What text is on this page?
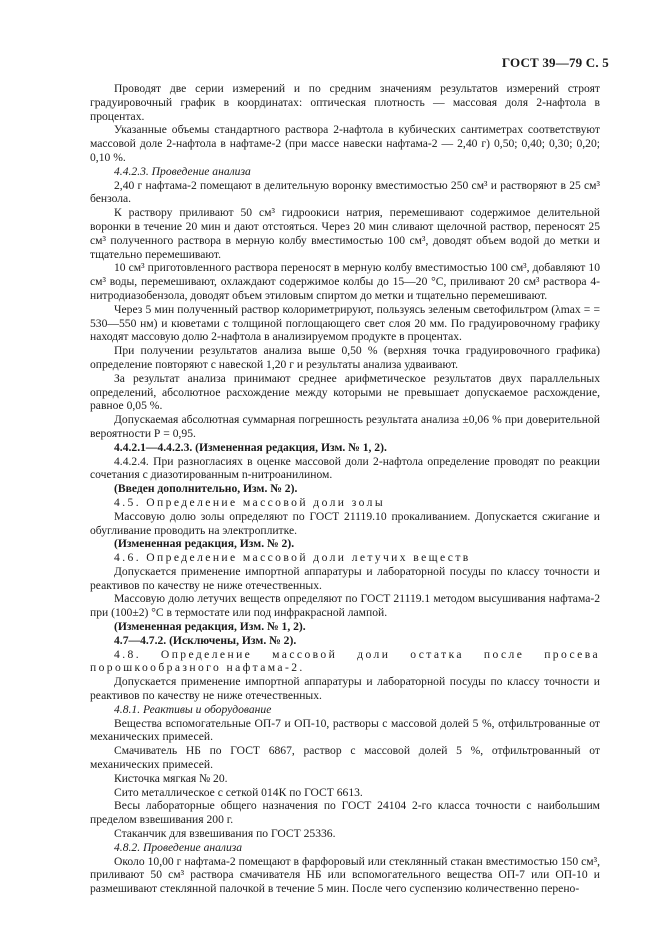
ГОСТ 39—79 С. 5

Проводят две серии измерений и по средним значениям результатов измерений строят градуировочный график в координатах: оптическая плотность — массовая доля 2-нафтола в процентах.

Указанные объемы стандартного раствора 2-нафтола в кубических сантиметрах соответствуют массовой доле 2-нафтола в нафтаме-2 (при массе навески нафтама-2 — 2,40 г) 0,50; 0,40; 0,30; 0,20; 0,10 %.

4.4.2.3. Проведение анализа

2,40 г нафтама-2 помещают в делительную воронку вместимостью 250 см³ и растворяют в 25 см³ бензола.

К раствору приливают 50 см³ гидроокиси натрия, перемешивают содержимое делительной воронки в течение 20 мин и дают отстояться. Через 20 мин сливают щелочной раствор, переносят 25 см³ полученного раствора в мерную колбу вместимостью 100 см³, доводят объем водой до метки и тщательно перемешивают.

10 см³ приготовленного раствора переносят в мерную колбу вместимостью 100 см³, добавляют 10 см³ воды, перемешивают, охлаждают содержимое колбы до 15—20 °С, приливают 20 см³ раствора 4-нитродиазобензола, доводят объем этиловым спиртом до метки и тщательно перемешивают.

Через 5 мин полученный раствор колориметрируют, пользуясь зеленым светофильтром (λmax = = 530—550 нм) и кюветами с толщиной поглощающего свет слоя 20 мм. По градуировочному графику находят массовую долю 2-нафтола в анализируемом продукте в процентах.

При получении результатов анализа выше 0,50 % (верхняя точка градуировочного графика) определение повторяют с навеской 1,20 г и результаты анализа удваивают.

За результат анализа принимают среднее арифметическое результатов двух параллельных определений, абсолютное расхождение между которыми не превышает допускаемое расхождение, равное 0,05 %.

Допускаемая абсолютная суммарная погрешность результата анализа ±0,06 % при доверительной вероятности Р = 0,95.

4.4.2.1—4.4.2.3. (Измененная редакция, Изм. № 1, 2).

4.4.2.4. При разногласиях в оценке массовой доли 2-нафтола определение проводят по реакции сочетания с диазотированным n-нитроанилином.

(Введен дополнительно, Изм. № 2).

4.5. Определение массовой доли золы

Массовую долю золы определяют по ГОСТ 21119.10 прокаливанием. Допускается сжигание и обугливание проводить на электроплитке.

(Измененная редакция, Изм. № 2).

4.6. Определение массовой доли летучих веществ

Допускается применение импортной аппаратуры и лабораторной посуды по классу точности и реактивов по качеству не ниже отечественных.

Массовую долю летучих веществ определяют по ГОСТ 21119.1 методом высушивания нафтама-2 при (100±2) °С в термостате или под инфракрасной лампой.

(Измененная редакция, Изм. № 1, 2).

4.7—4.7.2. (Исключены, Изм. № 2).

4.8. Определение массовой доли остатка после просева порошкообразного нафтама-2.

Допускается применение импортной аппаратуры и лабораторной посуды по классу точности и реактивов по качеству не ниже отечественных.

4.8.1. Реактивы и оборудование

Вещества вспомогательные ОП-7 и ОП-10, растворы с массовой долей 5 %, отфильтрованные от механических примесей.

Смачиватель НБ по ГОСТ 6867, раствор с массовой долей 5 %, отфильтрованный от механических примесей.

Кисточка мягкая № 20.

Сито металлическое с сеткой 014К по ГОСТ 6613.

Весы лабораторные общего назначения по ГОСТ 24104 2-го класса точности с наибольшим пределом взвешивания 200 г.

Стаканчик для взвешивания по ГОСТ 25336.

4.8.2. Проведение анализа

Около 10,00 г нафтама-2 помещают в фарфоровый или стеклянный стакан вместимостью 150 см³, приливают 50 см³ раствора смачивателя НБ или вспомогательного вещества ОП-7 или ОП-10 и размешивают стеклянной палочкой в течение 5 мин. После чего суспензию количественно перено-
